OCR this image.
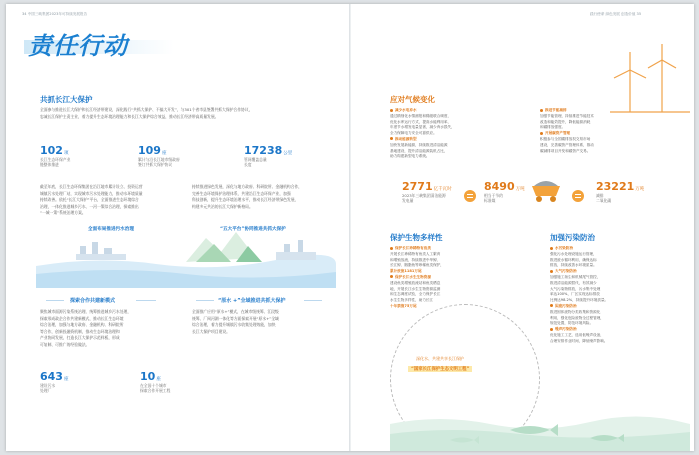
34 中国三峡集团2023年可持续发展报告
责任行动
共抓长江大保护
全面参与推进长江大保护和长江经济带建设，深化践行“共抓大保护、不搞大开发”，与301个省市县签署共抓大保护合作协议，
忠诚长江保护主责主业，着力提升生态环境治理能力和长江大保护综合效益，推动长江经济带高质量发展。
102项
长江生态环保产业
链整体推进
109座
累计与沿长江地市级政府
签订共抓大保护协议
17238公里
管网覆盖总量
长度
截至年底，长江生态环保集团在沿江地市累计设立、投资运营
城镇污水处理厂站，实现城市污水处理能力，推动水环境质量
持续改善。依托“长江大保护”平台，全面推进生态环境综合
治理，一体化推进城乡污水、一河一策综合治理，探索推出
“一城一策”系统治理方案。
持续推进绿色发展，深化与地方政府、科研院所、金融机构合作，
完善生态环境保护治理体系，共建沿江生态环保产业，加强
科技创新，提升生态环境治理水平，推动长江经济带绿色发展，
构建多元共治的长江大保护新格局。
全面布局推进污水治理	“五大平台”协同推进共抓大保护
探索合作共建新模式
聚焦城市面源污染系统治理、统筹推进城乡污水处理，
探索形成政企合作共建新模式，推动长江生态环境
综合治理，加强与地方政府、金融机构、科研院所
等合作，创新投融资机制，推动生态环境治理和
产业协同发展，打造长江大保护示范样板，形成
可复制、可推广的经验做法。
643座
建设污水
处理厂
“原水 +”全域推进共抓大保护
全面推广应用“原水+”模式，在城市级统筹、江段级
统筹、厂网河湖一体化等方面探索开展“原水+”全域
综合治理，着力提升城镇污水收集处理效能，加快
长江大保护项目建设。
10座
在全国十个城市
探索合作开展工程
践行使命 绿色发展 创造价值 35
应对气候变化
减少水电弃水
通过精细化水情测报和梯级联合调度，
优化水库运行方式，提高水能利用率，
年度节水增发电量显著，减少弃水损失，
全力保障电力安全可靠供应。
推动能源转型
加快发展新能源，持续推进清洁能源
基地建设，提升清洁能源装机占比，
助力构建新型电力系统。
推进节能减排
加强节能管理，持续推进节能技术
改造和能效提升，降低能源消耗
和碳排放强度。
开展碳资产管理
积极参与全国碳排放权交易市场
建设，完善碳资产管理体系，推动
碳减排项目开发和碳资产交易。
2771亿千瓦时
2023年三峡集团清洁能源
发电量
8490万吨
相当于节约
标准煤
23221万吨
减排
二氧化碳
保护生物多样性
保护长江珍稀特有鱼类
开展长江珍稀特有鱼类人工繁育
和增殖放流，持续推进中华鲟、
长江鲟、胭脂鱼等珍稀鱼类保护，
累计放流1181万尾
保护长江水生生物资源
建设鱼类增殖放流站和鱼类栖息
地，开展长江水生生物资源监测
和生态调度试验，全力保护长江
水生生物多样性，助力长江
十年禁渔75万尾
深化水、共建共享长江保护
“国家长江保护生态文明工程”
加强污染防治
水污染防治
强化污水处理设施运行管理，
推进废水循环利用，确保达标
排放，持续改善水环境质量。
大气污染防治
加强施工扬尘和机械尾气管控，
推进清洁能源替代，有效减少
大气污染物排放，污水集中处理
率达100%，厂区实现达标排放
比例达98.2%，持续提升环境质量。
固废污染防治
推进固体废物分类收集和资源化
利用，强化危险废物全过程管理，
规范处置，防范环境风险。
噪声污染防治
优化施工工艺，选用低噪声设备，
合理安排作业时间，降低噪声影响。
